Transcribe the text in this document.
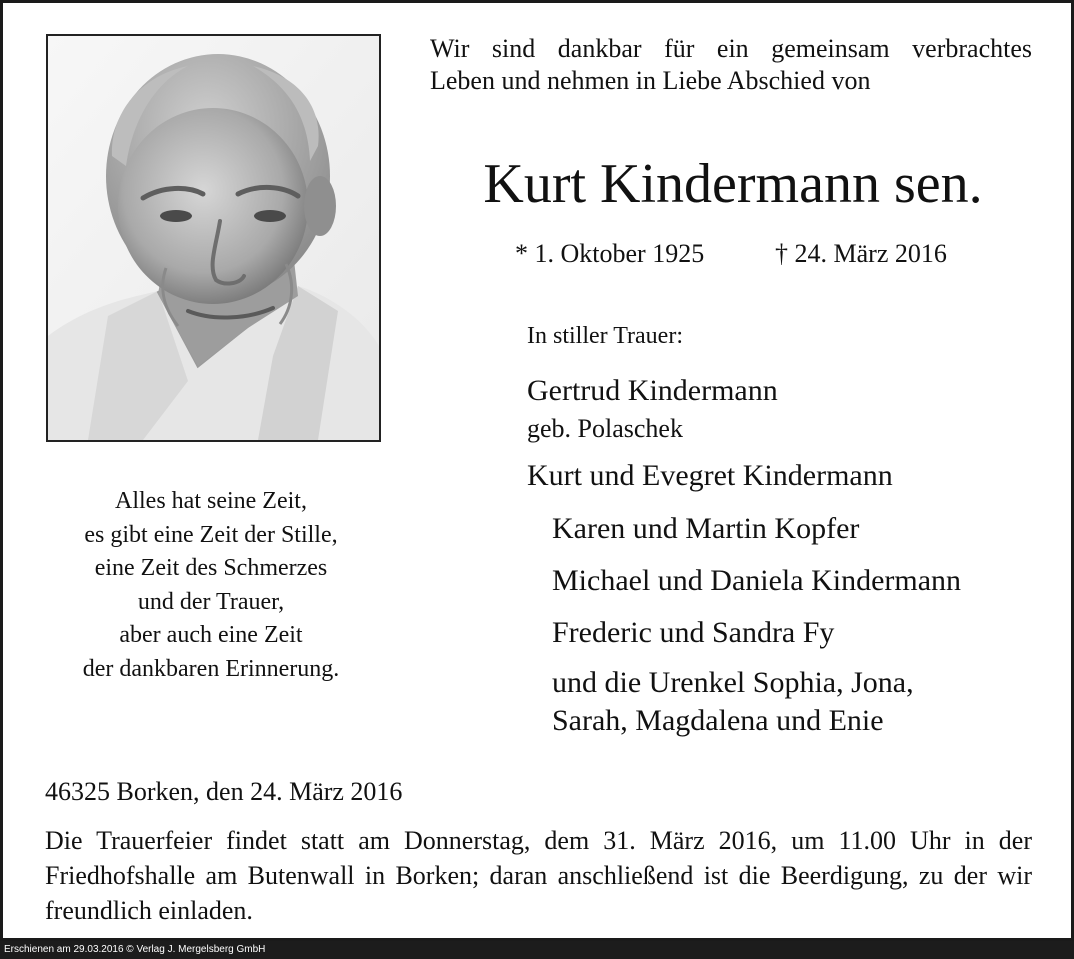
Wir sind dankbar für ein gemeinsam verbrachtes
Leben und nehmen in Liebe Abschied von
Kurt Kindermann sen.
* 1. Oktober 1925	† 24. März 2016
In stiller Trauer:
Gertrud Kindermann
geb. Polaschek
Kurt und Evegret Kindermann
Karen und Martin Kopfer
Michael und Daniela Kindermann
Frederic und Sandra Fy
und die Urenkel Sophia, Jona,
Sarah, Magdalena und Enie
Alles hat seine Zeit,
es gibt eine Zeit der Stille,
eine Zeit des Schmerzes
und der Trauer,
aber auch eine Zeit
der dankbaren Erinnerung.
46325 Borken, den 24. März 2016
Die Trauerfeier findet statt am Donnerstag, dem 31. März 2016, um 11.00 Uhr in der Friedhofshalle am Butenwall in Borken; daran anschließend ist die Beerdigung, zu der wir freundlich einladen.
Erschienen am 29.03.2016 © Verlag J. Mergelsberg GmbH
